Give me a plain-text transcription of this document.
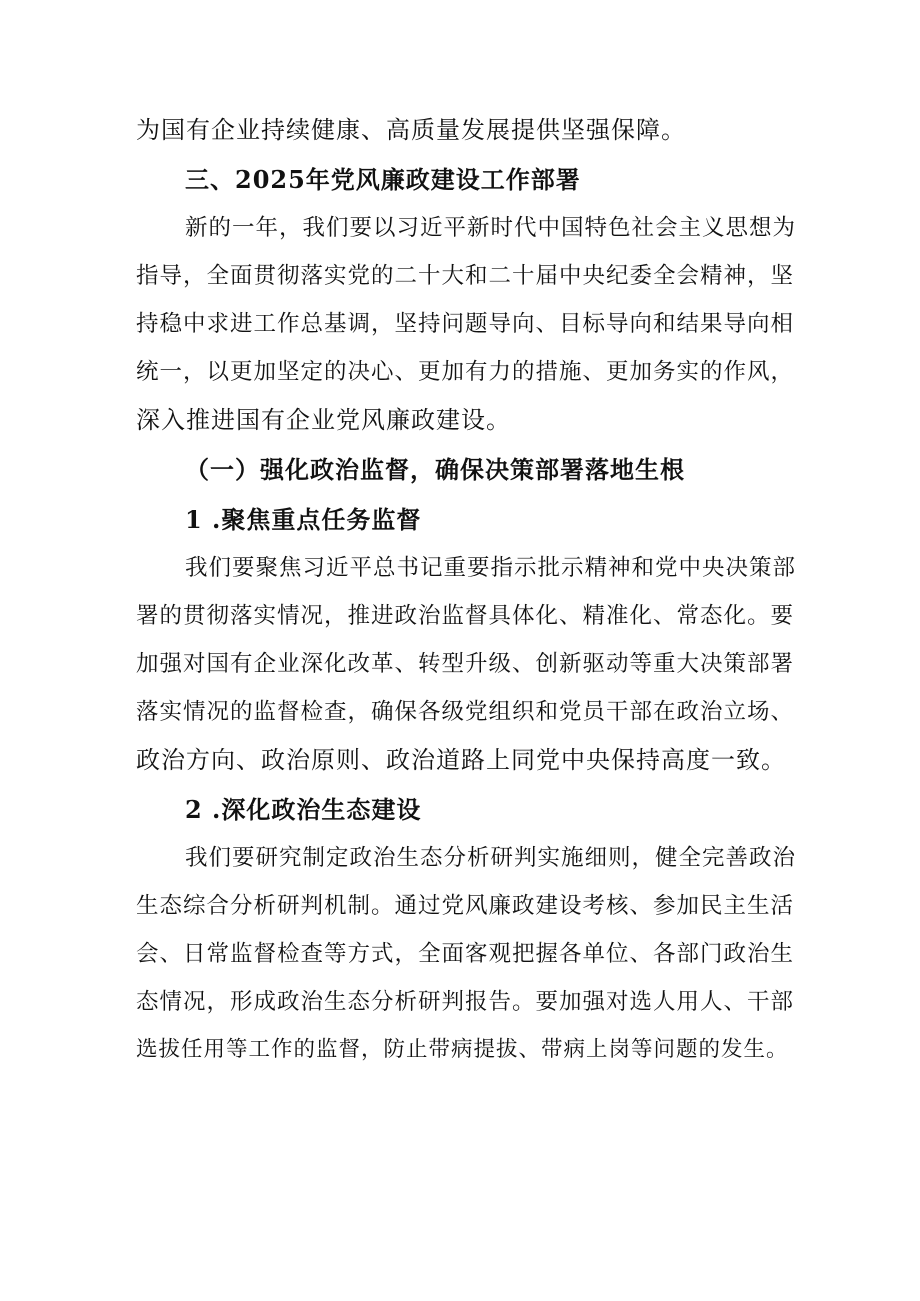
为国有企业持续健康、高质量发展提供坚强保障。
三、2025年党风廉政建设工作部署
新的一年，我们要以习近平新时代中国特色社会主义思想为
指导，全面贯彻落实党的二十大和二十届中央纪委全会精神，坚
持稳中求进工作总基调，坚持问题导向、目标导向和结果导向相
统一，以更加坚定的决心、更加有力的措施、更加务实的作风，
深入推进国有企业党风廉政建设。
（一）强化政治监督，确保决策部署落地生根
1 .聚焦重点任务监督
我们要聚焦习近平总书记重要指示批示精神和党中央决策部
署的贯彻落实情况，推进政治监督具体化、精准化、常态化。要
加强对国有企业深化改革、转型升级、创新驱动等重大决策部署
落实情况的监督检查，确保各级党组织和党员干部在政治立场、
政治方向、政治原则、政治道路上同党中央保持高度一致。
2 .深化政治生态建设
我们要研究制定政治生态分析研判实施细则，健全完善政治
生态综合分析研判机制。通过党风廉政建设考核、参加民主生活
会、日常监督检查等方式，全面客观把握各单位、各部门政治生
态情况，形成政治生态分析研判报告。要加强对选人用人、干部
选拔任用等工作的监督，防止带病提拔、带病上岗等问题的发生。
